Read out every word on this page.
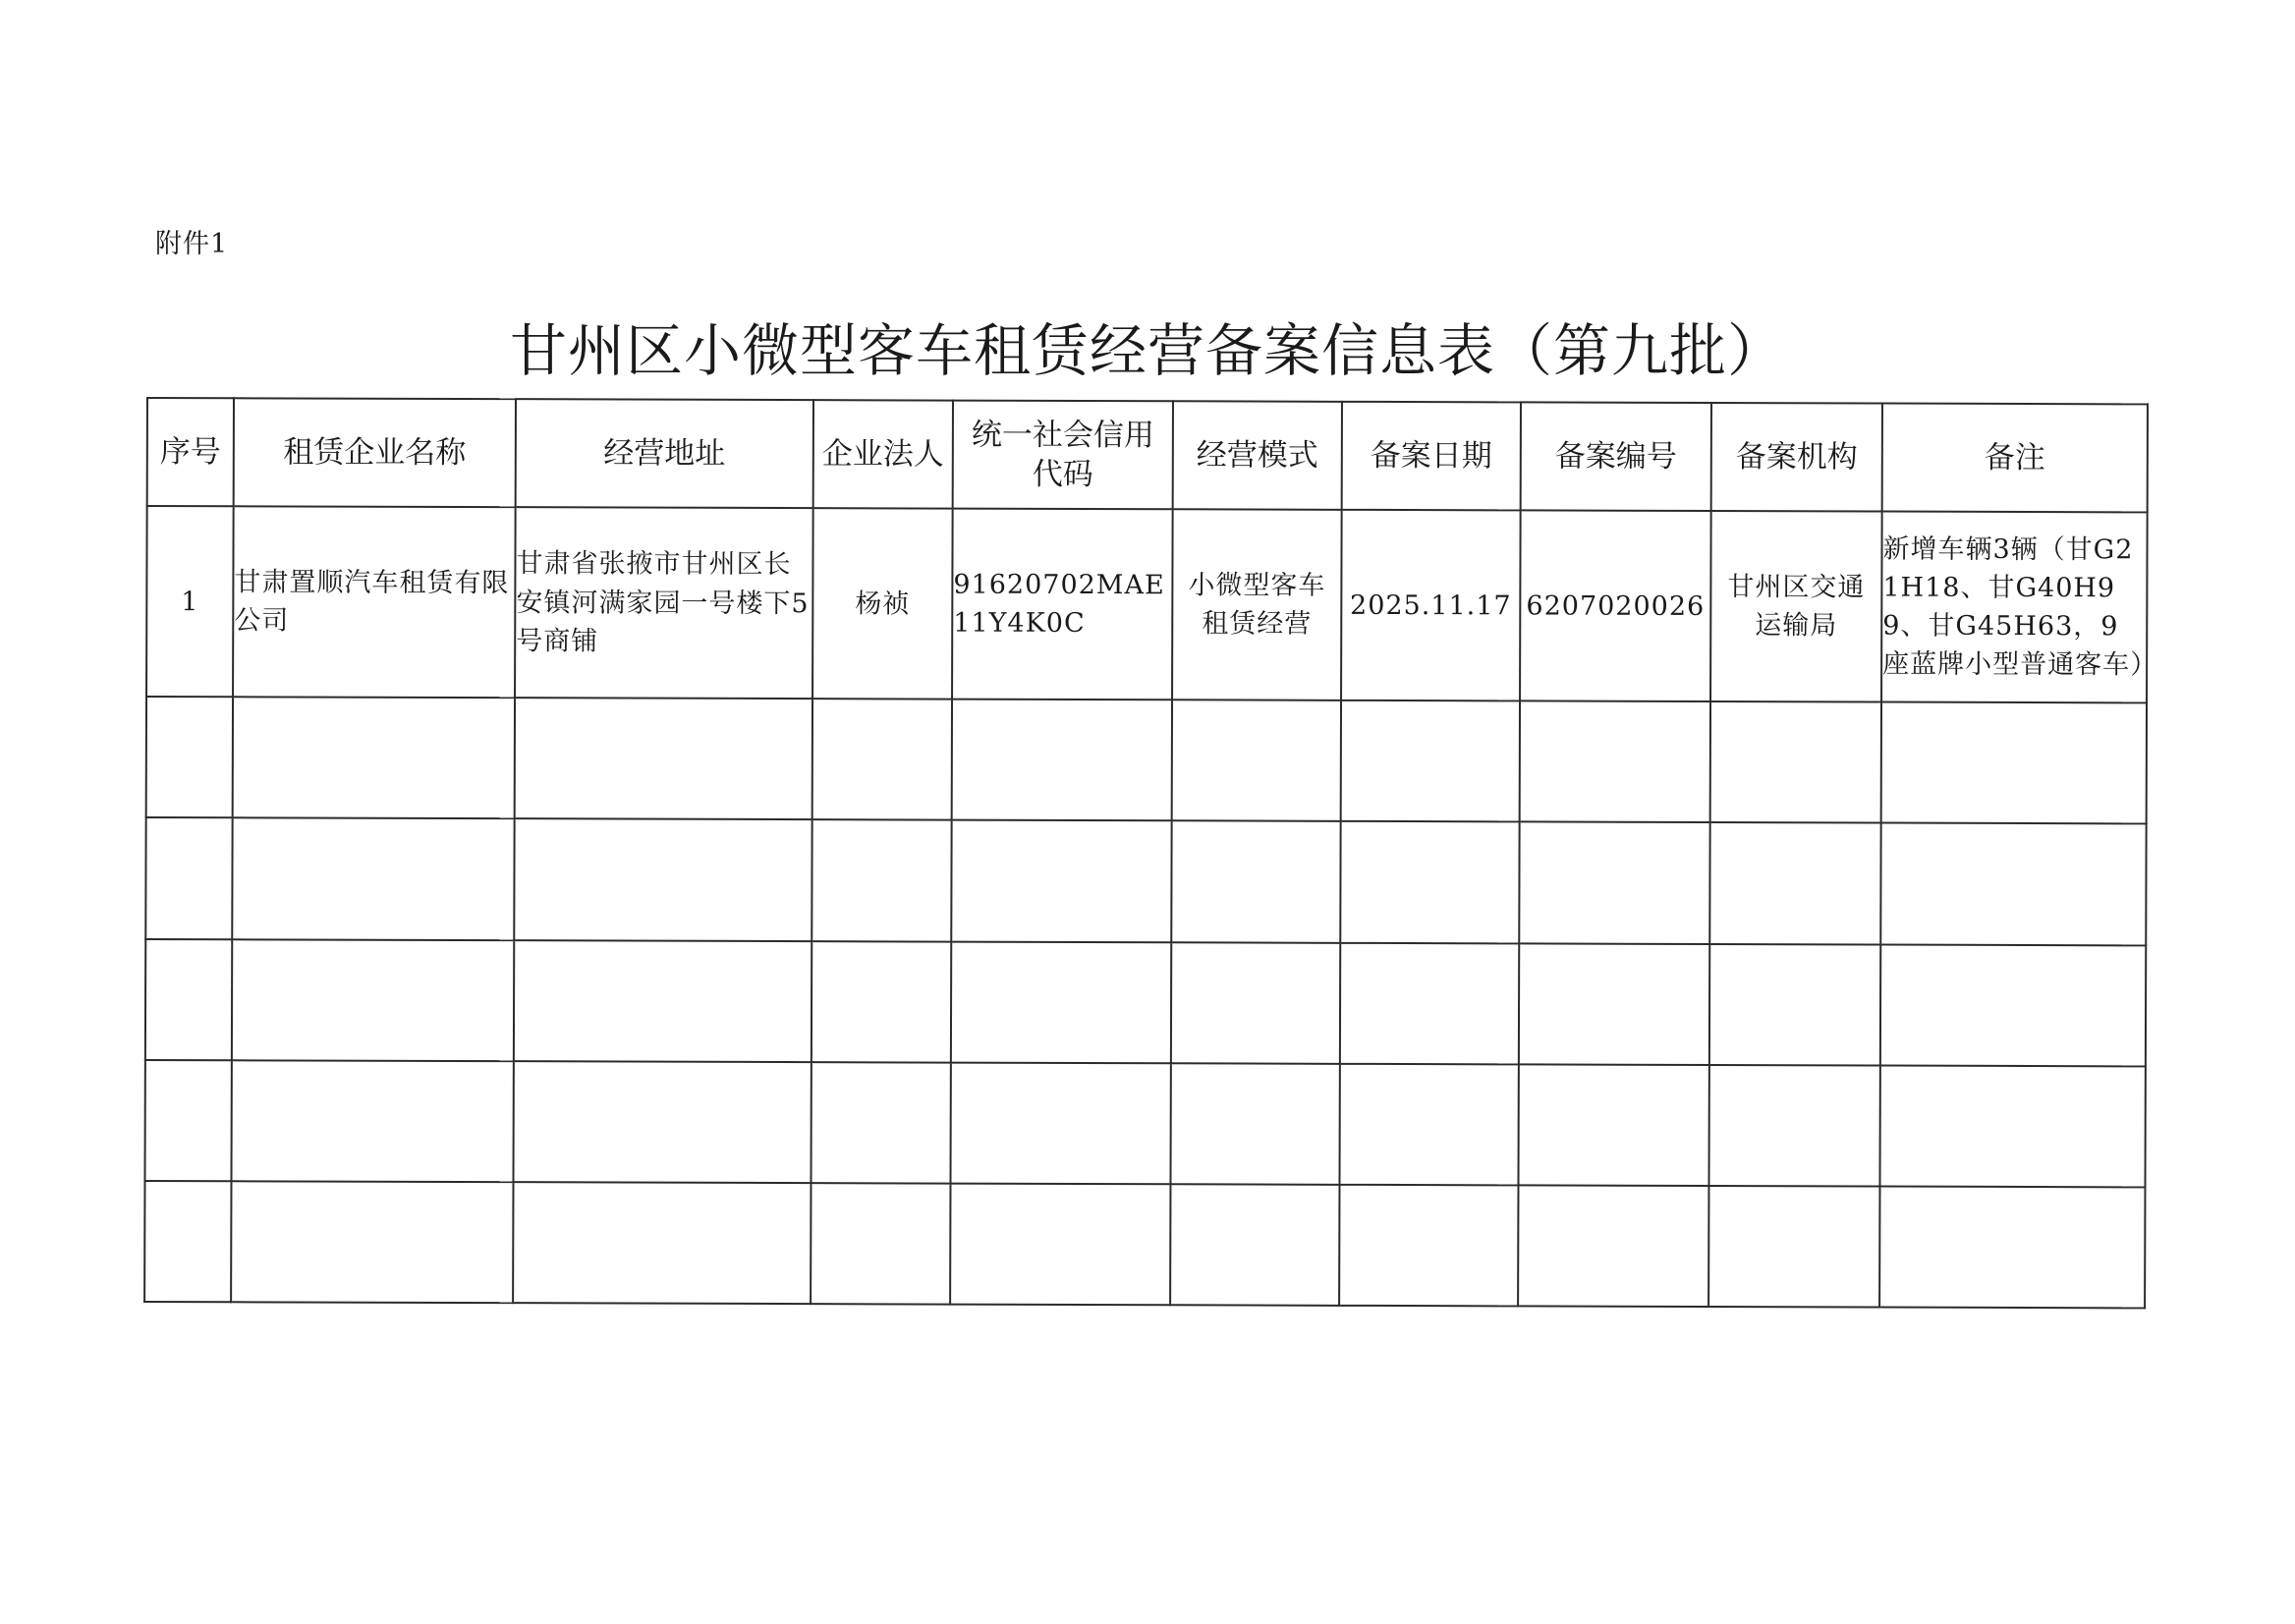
附件1
甘州区小微型客车租赁经营备案信息表（第九批）
序号	租赁企业名称	经营地址	企业法人	统一社会信用代码	经营模式	备案日期	备案编号	备案机构	备注
1	甘肃置顺汽车租赁有限公司	甘肃省张掖市甘州区长安镇河满家园一号楼下5号商铺	杨祯	91620702MAE11Y4K0C	小微型客车租赁经营	2025.11.17	6207020026	甘州区交通运输局	新增车辆3辆（甘G21H18、甘G40H99、甘G45H63，9座蓝牌小型普通客车）
